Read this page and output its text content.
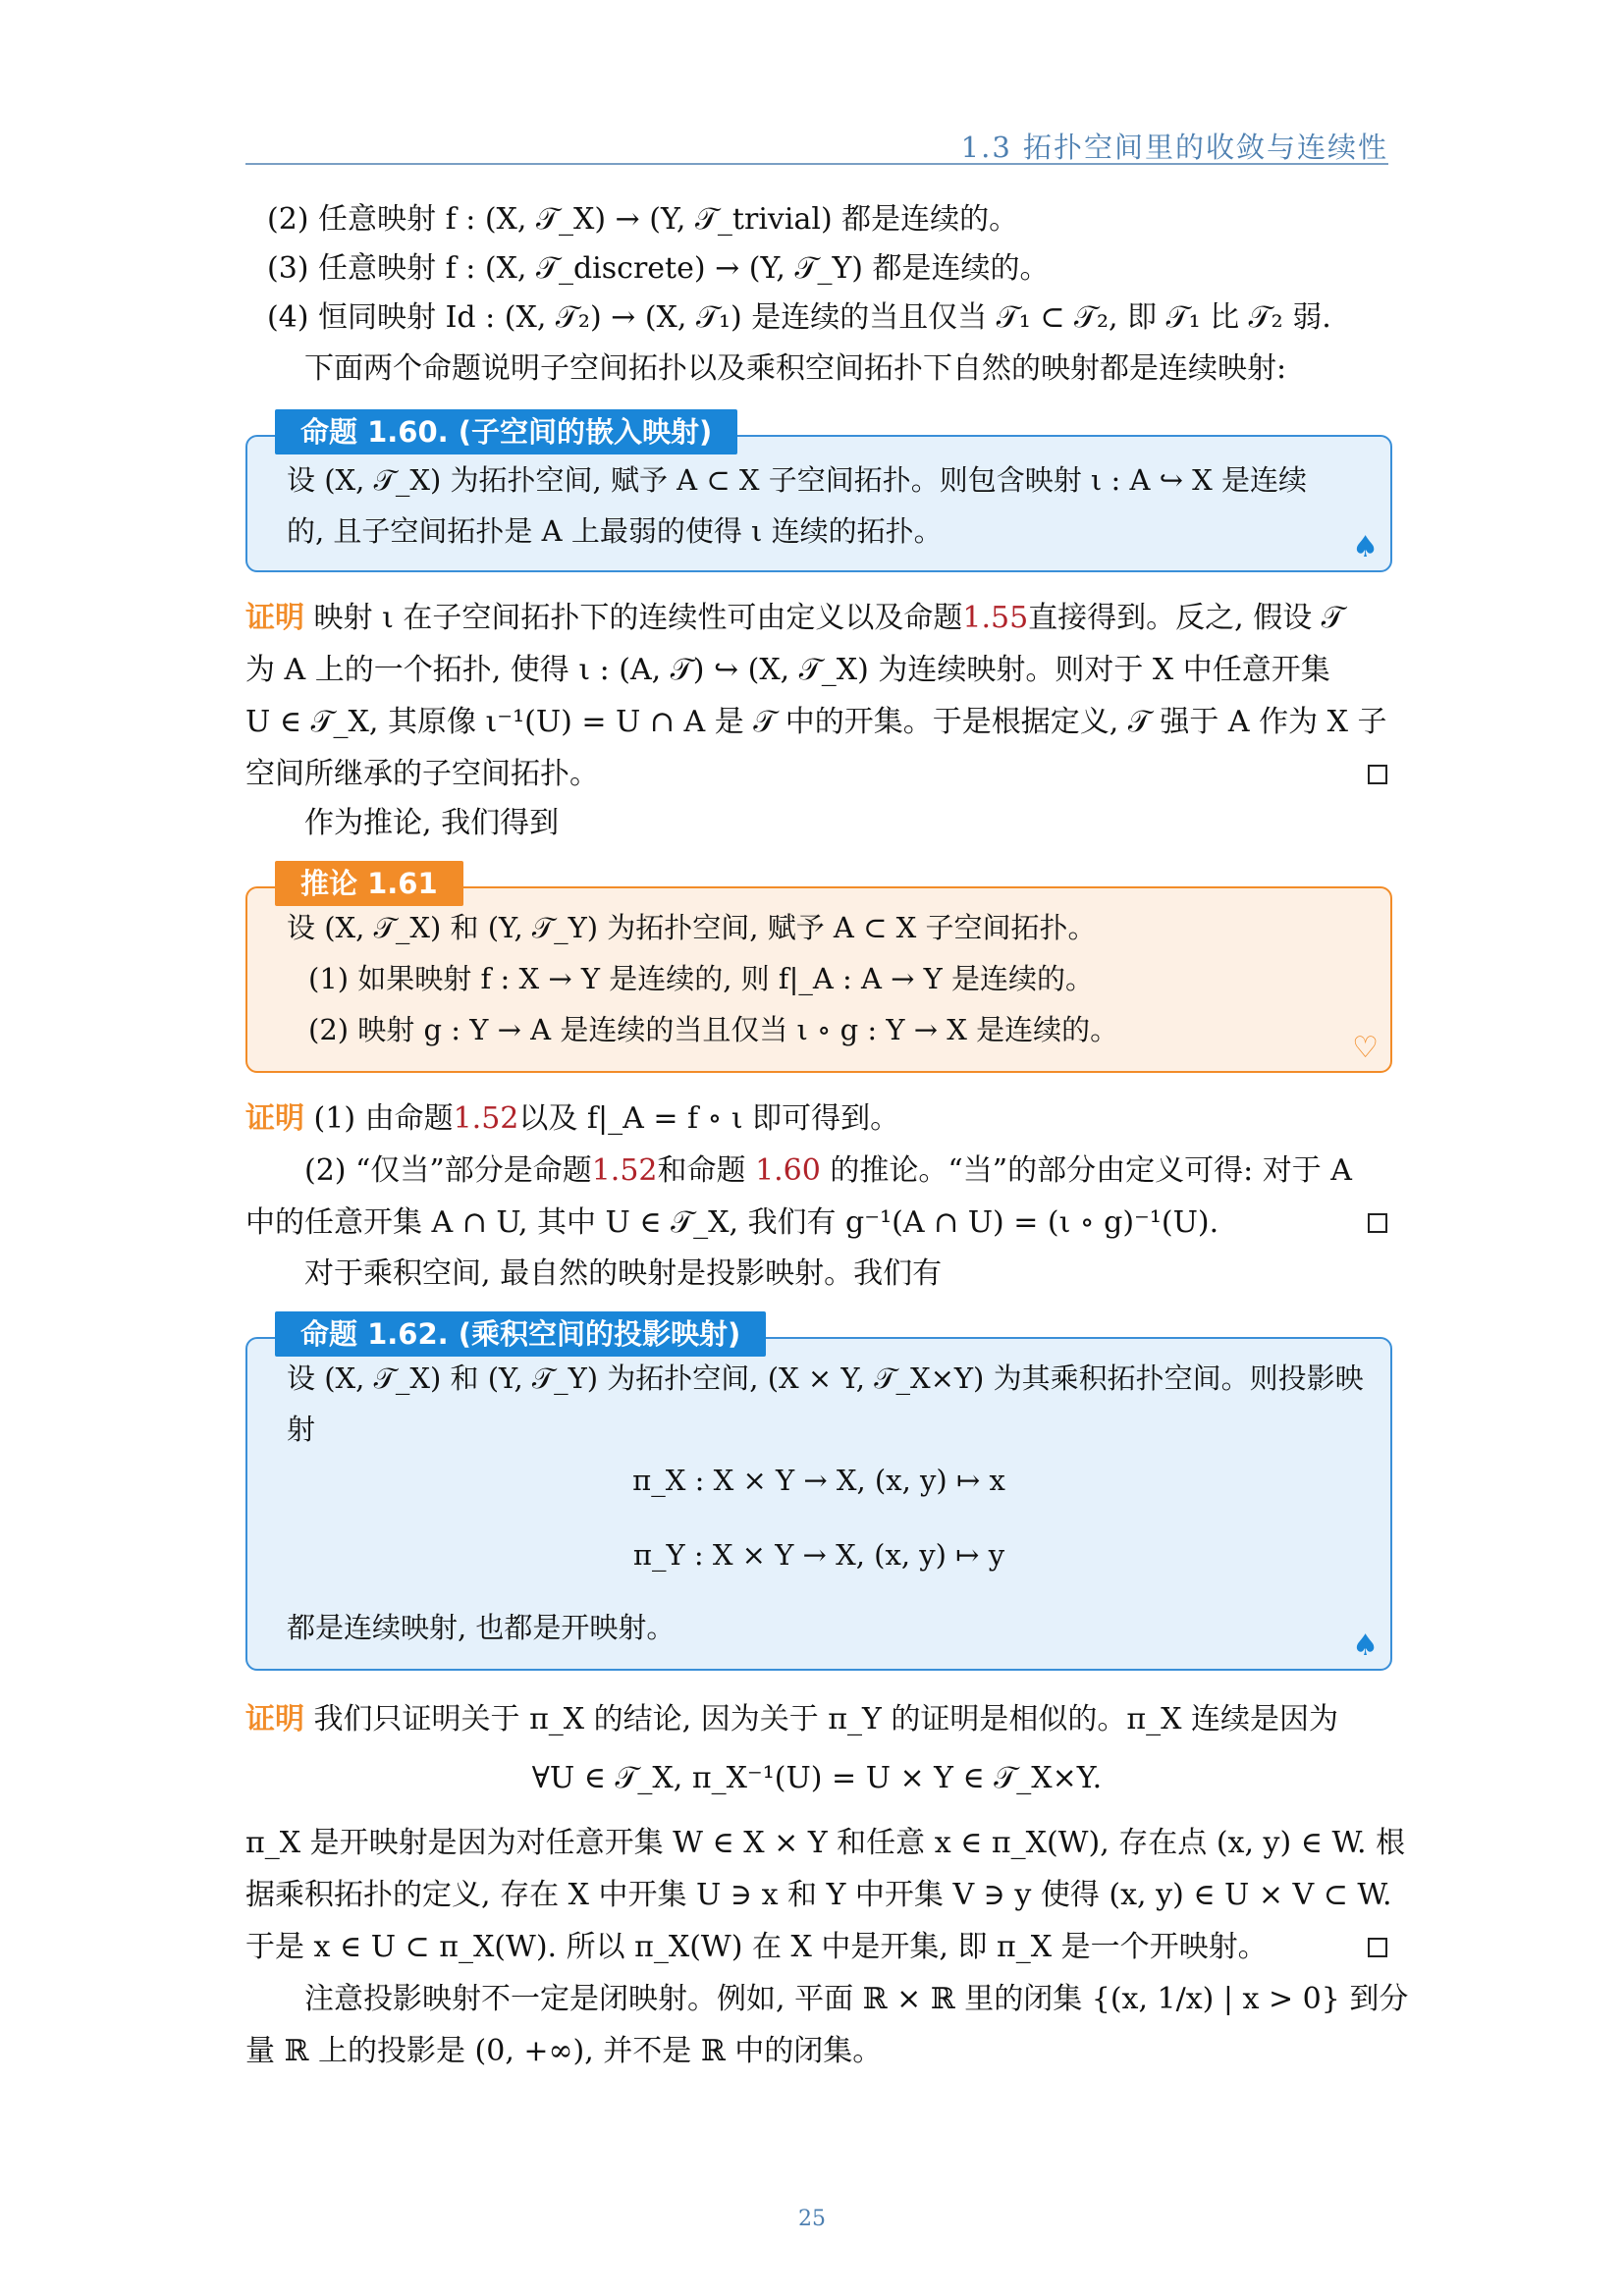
1.3 拓扑空间里的收敛与连续性
(2) 任意映射 f : (X, 𝒯_X) → (Y, 𝒯_trivial) 都是连续的。
(3) 任意映射 f : (X, 𝒯_discrete) → (Y, 𝒯_Y) 都是连续的。
(4) 恒同映射 Id : (X, 𝒯₂) → (X, 𝒯₁) 是连续的当且仅当 𝒯₁ ⊂ 𝒯₂, 即 𝒯₁ 比 𝒯₂ 弱.
下面两个命题说明子空间拓扑以及乘积空间拓扑下自然的映射都是连续映射:
设 (X, 𝒯_X) 为拓扑空间, 赋予 A ⊂ X 子空间拓扑。则包含映射 ι : A ↪ X 是连续
的, 且子空间拓扑是 A 上最弱的使得 ι 连续的拓扑。	♠
命题 1.60. (子空间的嵌入映射)
证明 映射 ι 在子空间拓扑下的连续性可由定义以及命题1.55直接得到。反之, 假设 𝒯
为 A 上的一个拓扑, 使得 ι : (A, 𝒯) ↪ (X, 𝒯_X) 为连续映射。则对于 X 中任意开集
U ∈ 𝒯_X, 其原像 ι⁻¹(U) = U ∩ A 是 𝒯 中的开集。于是根据定义, 𝒯 强于 A 作为 X 子
空间所继承的子空间拓扑。
作为推论, 我们得到
设 (X, 𝒯_X) 和 (Y, 𝒯_Y) 为拓扑空间, 赋予 A ⊂ X 子空间拓扑。
(1) 如果映射 f : X → Y 是连续的, 则 f|_A : A → Y 是连续的。
(2) 映射 g : Y → A 是连续的当且仅当 ι ∘ g : Y → X 是连续的。
♡
推论 1.61
证明 (1) 由命题1.52以及 f|_A = f ∘ ι 即可得到。
(2) “仅当”部分是命题1.52和命题 1.60 的推论。“当”的部分由定义可得: 对于 A
中的任意开集 A ∩ U, 其中 U ∈ 𝒯_X, 我们有 g⁻¹(A ∩ U) = (ι ∘ g)⁻¹(U).
对于乘积空间, 最自然的映射是投影映射。我们有
设 (X, 𝒯_X) 和 (Y, 𝒯_Y) 为拓扑空间, (X × Y, 𝒯_X×Y) 为其乘积拓扑空间。则投影映
射
π_X : X × Y → X, (x, y) ↦ x
π_Y : X × Y → X, (x, y) ↦ y
都是连续映射, 也都是开映射。
♠
命题 1.62. (乘积空间的投影映射)
证明 我们只证明关于 π_X 的结论, 因为关于 π_Y 的证明是相似的。π_X 连续是因为
∀U ∈ 𝒯_X, π_X⁻¹(U) = U × Y ∈ 𝒯_X×Y.
π_X 是开映射是因为对任意开集 W ∈ X × Y 和任意 x ∈ π_X(W), 存在点 (x, y) ∈ W. 根
据乘积拓扑的定义, 存在 X 中开集 U ∋ x 和 Y 中开集 V ∋ y 使得 (x, y) ∈ U × V ⊂ W.
于是 x ∈ U ⊂ π_X(W). 所以 π_X(W) 在 X 中是开集, 即 π_X 是一个开映射。
注意投影映射不一定是闭映射。例如, 平面 ℝ × ℝ 里的闭集 {(x, 1/x) | x > 0} 到分
量 ℝ 上的投影是 (0, +∞), 并不是 ℝ 中的闭集。
25
